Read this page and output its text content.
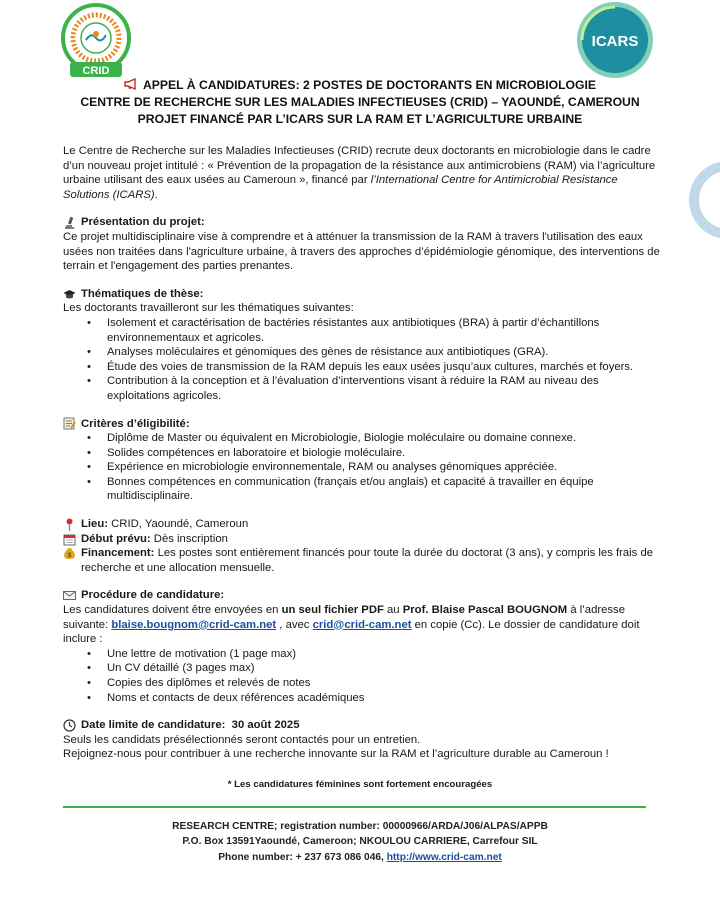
CRID
ICARS
APPEL À CANDIDATURES: 2 POSTES DE DOCTORANTS EN MICROBIOLOGIE
CENTRE DE RECHERCHE SUR LES MALADIES INFECTIEUSES (CRID) – YAOUNDÉ, CAMEROUN
PROJET FINANCÉ PAR L’ICARS SUR LA RAM ET L’AGRICULTURE URBAINE

Le Centre de Recherche sur les Maladies Infectieuses (CRID) recrute deux doctorants en microbiologie dans le cadre d’un nouveau projet intitulé : « Prévention de la propagation de la résistance aux antimicrobiens (RAM) via l’agriculture urbaine utilisant des eaux usées au Cameroun », financé par l’International Centre for Antimicrobial Resistance Solutions (ICARS).

Présentation du projet:

Ce projet multidisciplinaire vise à comprendre et à atténuer la transmission de la RAM à travers l'utilisation des eaux usées non traitées dans l'agriculture urbaine, à travers des approches d’épidémiologie génomique, des interventions de terrain et l'engagement des parties prenantes.

Thématiques de thèse:

Les doctorants travailleront sur les thématiques suivantes:

• Isolement et caractérisation de bactéries résistantes aux antibiotiques (BRA) à partir d’échantillons environnementaux et agricoles.
• Analyses moléculaires et génomiques des gènes de résistance aux antibiotiques (GRA).
• Étude des voies de transmission de la RAM depuis les eaux usées jusqu’aux cultures, marchés et foyers.
• Contribution à la conception et à l’évaluation d’interventions visant à réduire la RAM au niveau des exploitations agricoles.
Critères d’éligibilité:
• Diplôme de Master ou équivalent en Microbiologie, Biologie moléculaire ou domaine connexe.
• Solides compétences en laboratoire et biologie moléculaire.
• Expérience en microbiologie environnementale, RAM ou analyses génomiques appréciée.
• Bonnes compétences en communication (français et/ou anglais) et capacité à travailler en équipe multidisciplinaire.
Lieu: CRID, Yaoundé, Cameroun
Début prévu: Dès inscription
$ Financement: Les postes sont entièrement financés pour toute la durée du doctorat (3 ans), y compris les frais de recherche et une allocation mensuelle.
Procédure de candidature:

Les candidatures doivent être envoyées en un seul fichier PDF au Prof. Blaise Pascal BOUGNOM à l’adresse suivante: blaise.bougnom@crid-cam.net , avec crid@crid-cam.net en copie (Cc). Le dossier de candidature doit inclure :

• Une lettre de motivation (1 page max)
• Un CV détaillé (3 pages max)
• Copies des diplômes et relevés de notes
• Noms et contacts de deux références académiques
Date limite de candidature: 30 août 2025

Seuls les candidats présélectionnés seront contactés pour un entretien.

Rejoignez-nous pour contribuer à une recherche innovante sur la RAM et l’agriculture durable au Cameroun !

* Les candidatures féminines sont fortement encouragées
RESEARCH CENTRE; registration number: 00000966/ARDA/J06/ALPAS/APPB
P.O. Box 13591Yaoundé, Cameroon; NKOULOU CARRIERE, Carrefour SIL
Phone number: + 237 673 086 046, http://www.crid-cam.net
